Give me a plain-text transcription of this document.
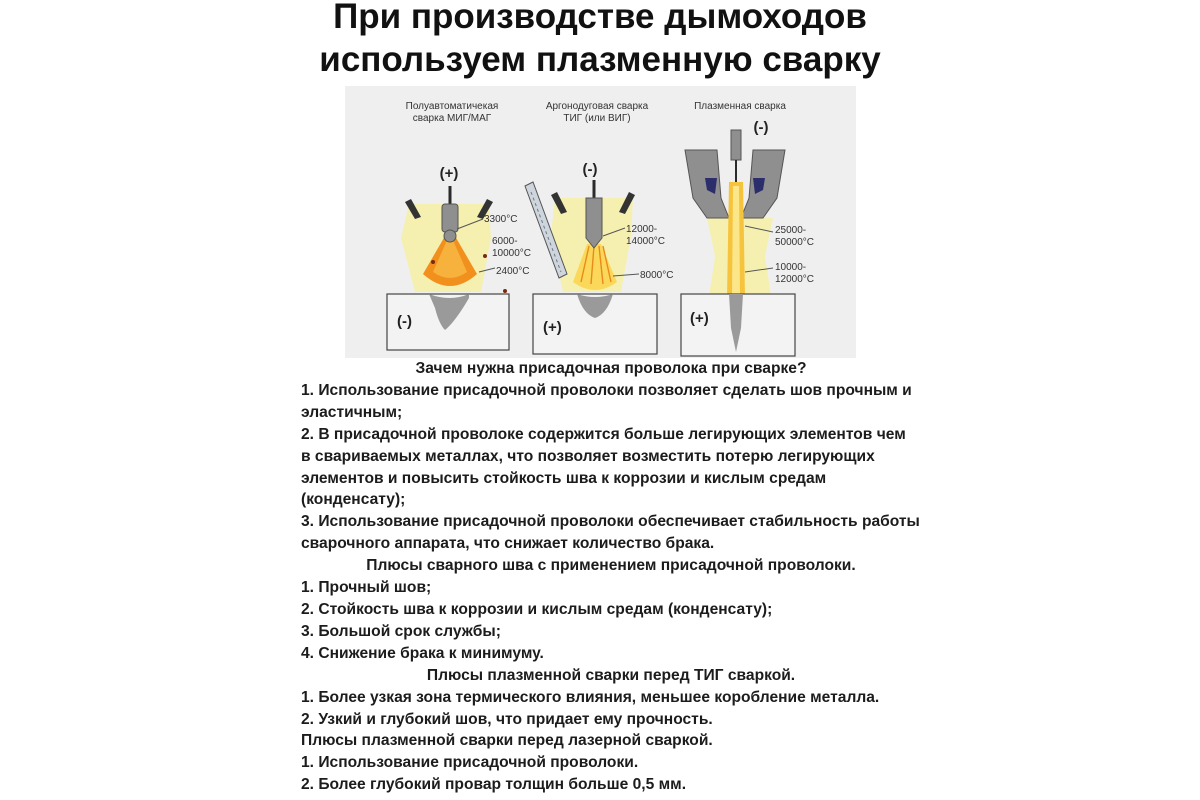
При производстве дымоходов
используем плазменную сварку
Полуавтоматичекая
сварка МИГ/МАГ
(+)
3300°C
6000-
10000°C
2400°C
(-)
Аргонодуговая сварка
ТИГ (или ВИГ)
(-)
12000-
14000°C
8000°C
(+)
Плазменная сварка
(-)
25000-
50000°C
10000-
12000°C
(+)

Зачем нужна присадочная проволока при сварке?

1. Использование присадочной проволоки позволяет сделать шов прочным и

эластичным;

2. В присадочной проволоке содержится больше легирующих элементов чем

в свариваемых металлах, что позволяет возместить потерю легирующих

элементов и повысить стойкость шва к коррозии и кислым средам

(конденсату);

3. Использование присадочной проволоки обеспечивает стабильность работы

сварочного аппарата, что снижает количество брака.

Плюсы сварного шва с применением присадочной проволоки.

1. Прочный шов;

2. Стойкость шва к коррозии и кислым средам (конденсату);

3. Большой срок службы;

4. Снижение брака к минимуму.

Плюсы плазменной сварки перед ТИГ сваркой.

1. Более узкая зона термического влияния, меньшее коробление металла.

2. Узкий и глубокий шов, что придает ему прочность.

Плюсы плазменной сварки перед лазерной сваркой.

1. Использование присадочной проволоки.

2. Более глубокий провар толщин больше 0,5 мм.
